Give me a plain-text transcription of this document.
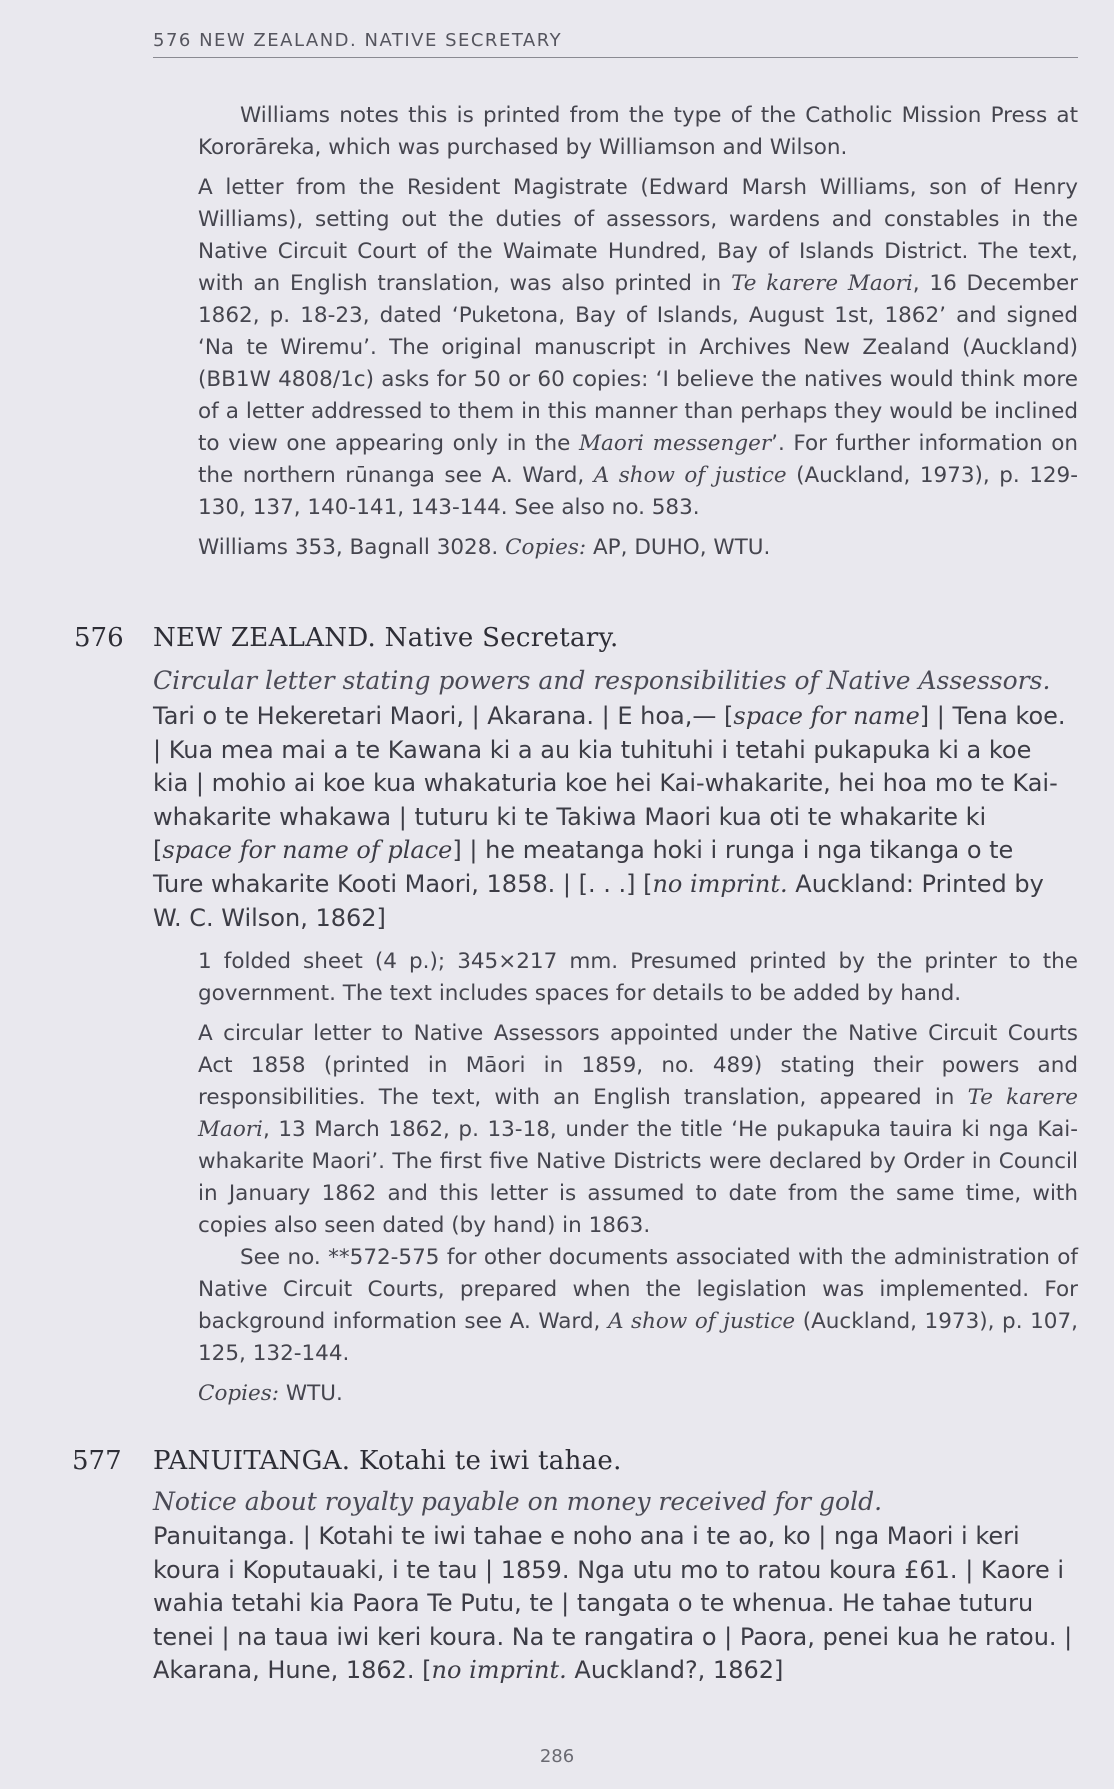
576 NEW ZEALAND. NATIVE SECRETARY

Williams notes this is printed from the type of the Catholic Mission Press at Kororāreka, which was purchased by Williamson and Wilson.

A letter from the Resident Magistrate (Edward Marsh Williams, son of Henry Williams), setting out the duties of assessors, wardens and constables in the Native Circuit Court of the Waimate Hundred, Bay of Islands District. The text, with an English translation, was also printed in Te karere Maori, 16 December 1862, p. 18-23, dated ‘Puketona, Bay of Islands, August 1st, 1862’ and signed ‘Na te Wiremu’. The original manuscript in Archives New Zealand (Auckland) (BB1W 4808/1c) asks for 50 or 60 copies: ‘I believe the natives would think more of a letter addressed to them in this manner than perhaps they would be inclined to view one appearing only in the Maori messenger’. For further information on the northern rūnanga see A. Ward, A show of justice (Auckland, 1973), p. 129-130, 137, 140-141, 143-144. See also no. 583.

Williams 353, Bagnall 3028. Copies: AP, DUHO, WTU.

576 NEW ZEALAND. Native Secretary.
Circular letter stating powers and responsibilities of Native Assessors.

Tari o te Hekeretari Maori, | Akarana. | E hoa,— [space for name] | Tena koe. | Kua mea mai a te Kawana ki a au kia tuhituhi i tetahi pukapuka ki a koe kia | mohio ai koe kua whakaturia koe hei Kai-whakarite, hei hoa mo te Kai-whakarite whakawa | tuturu ki te Takiwa Maori kua oti te whakarite ki [space for name of place] | he meatanga hoki i runga i nga tikanga o te Ture whakarite Kooti Maori, 1858. | [. . .] [no imprint. Auckland: Printed by W. C. Wilson, 1862]

1 folded sheet (4 p.); 345×217 mm. Presumed printed by the printer to the government. The text includes spaces for details to be added by hand.

A circular letter to Native Assessors appointed under the Native Circuit Courts Act 1858 (printed in Māori in 1859, no. 489) stating their powers and responsibilities. The text, with an English translation, appeared in Te karere Maori, 13 March 1862, p. 13-18, under the title ‘He pukapuka tauira ki nga Kai-whakarite Maori’. The first five Native Districts were declared by Order in Council in January 1862 and this letter is assumed to date from the same time, with copies also seen dated (by hand) in 1863.

See no. **572-575 for other documents associated with the administration of Native Circuit Courts, prepared when the legislation was implemented. For background information see A. Ward, A show of justice (Auckland, 1973), p. 107, 125, 132-144.

Copies: WTU.

577 PANUITANGA. Kotahi te iwi tahae.
Notice about royalty payable on money received for gold.

Panuitanga. | Kotahi te iwi tahae e noho ana i te ao, ko | nga Maori i keri koura i Koputauaki, i te tau | 1859. Nga utu mo to ratou koura £61. | Kaore i wahia tetahi kia Paora Te Putu, te | tangata o te whenua. He tahae tuturu tenei | na taua iwi keri koura. Na te rangatira o | Paora, penei kua he ratou. | Akarana, Hune, 1862. [no imprint. Auckland?, 1862]

286
